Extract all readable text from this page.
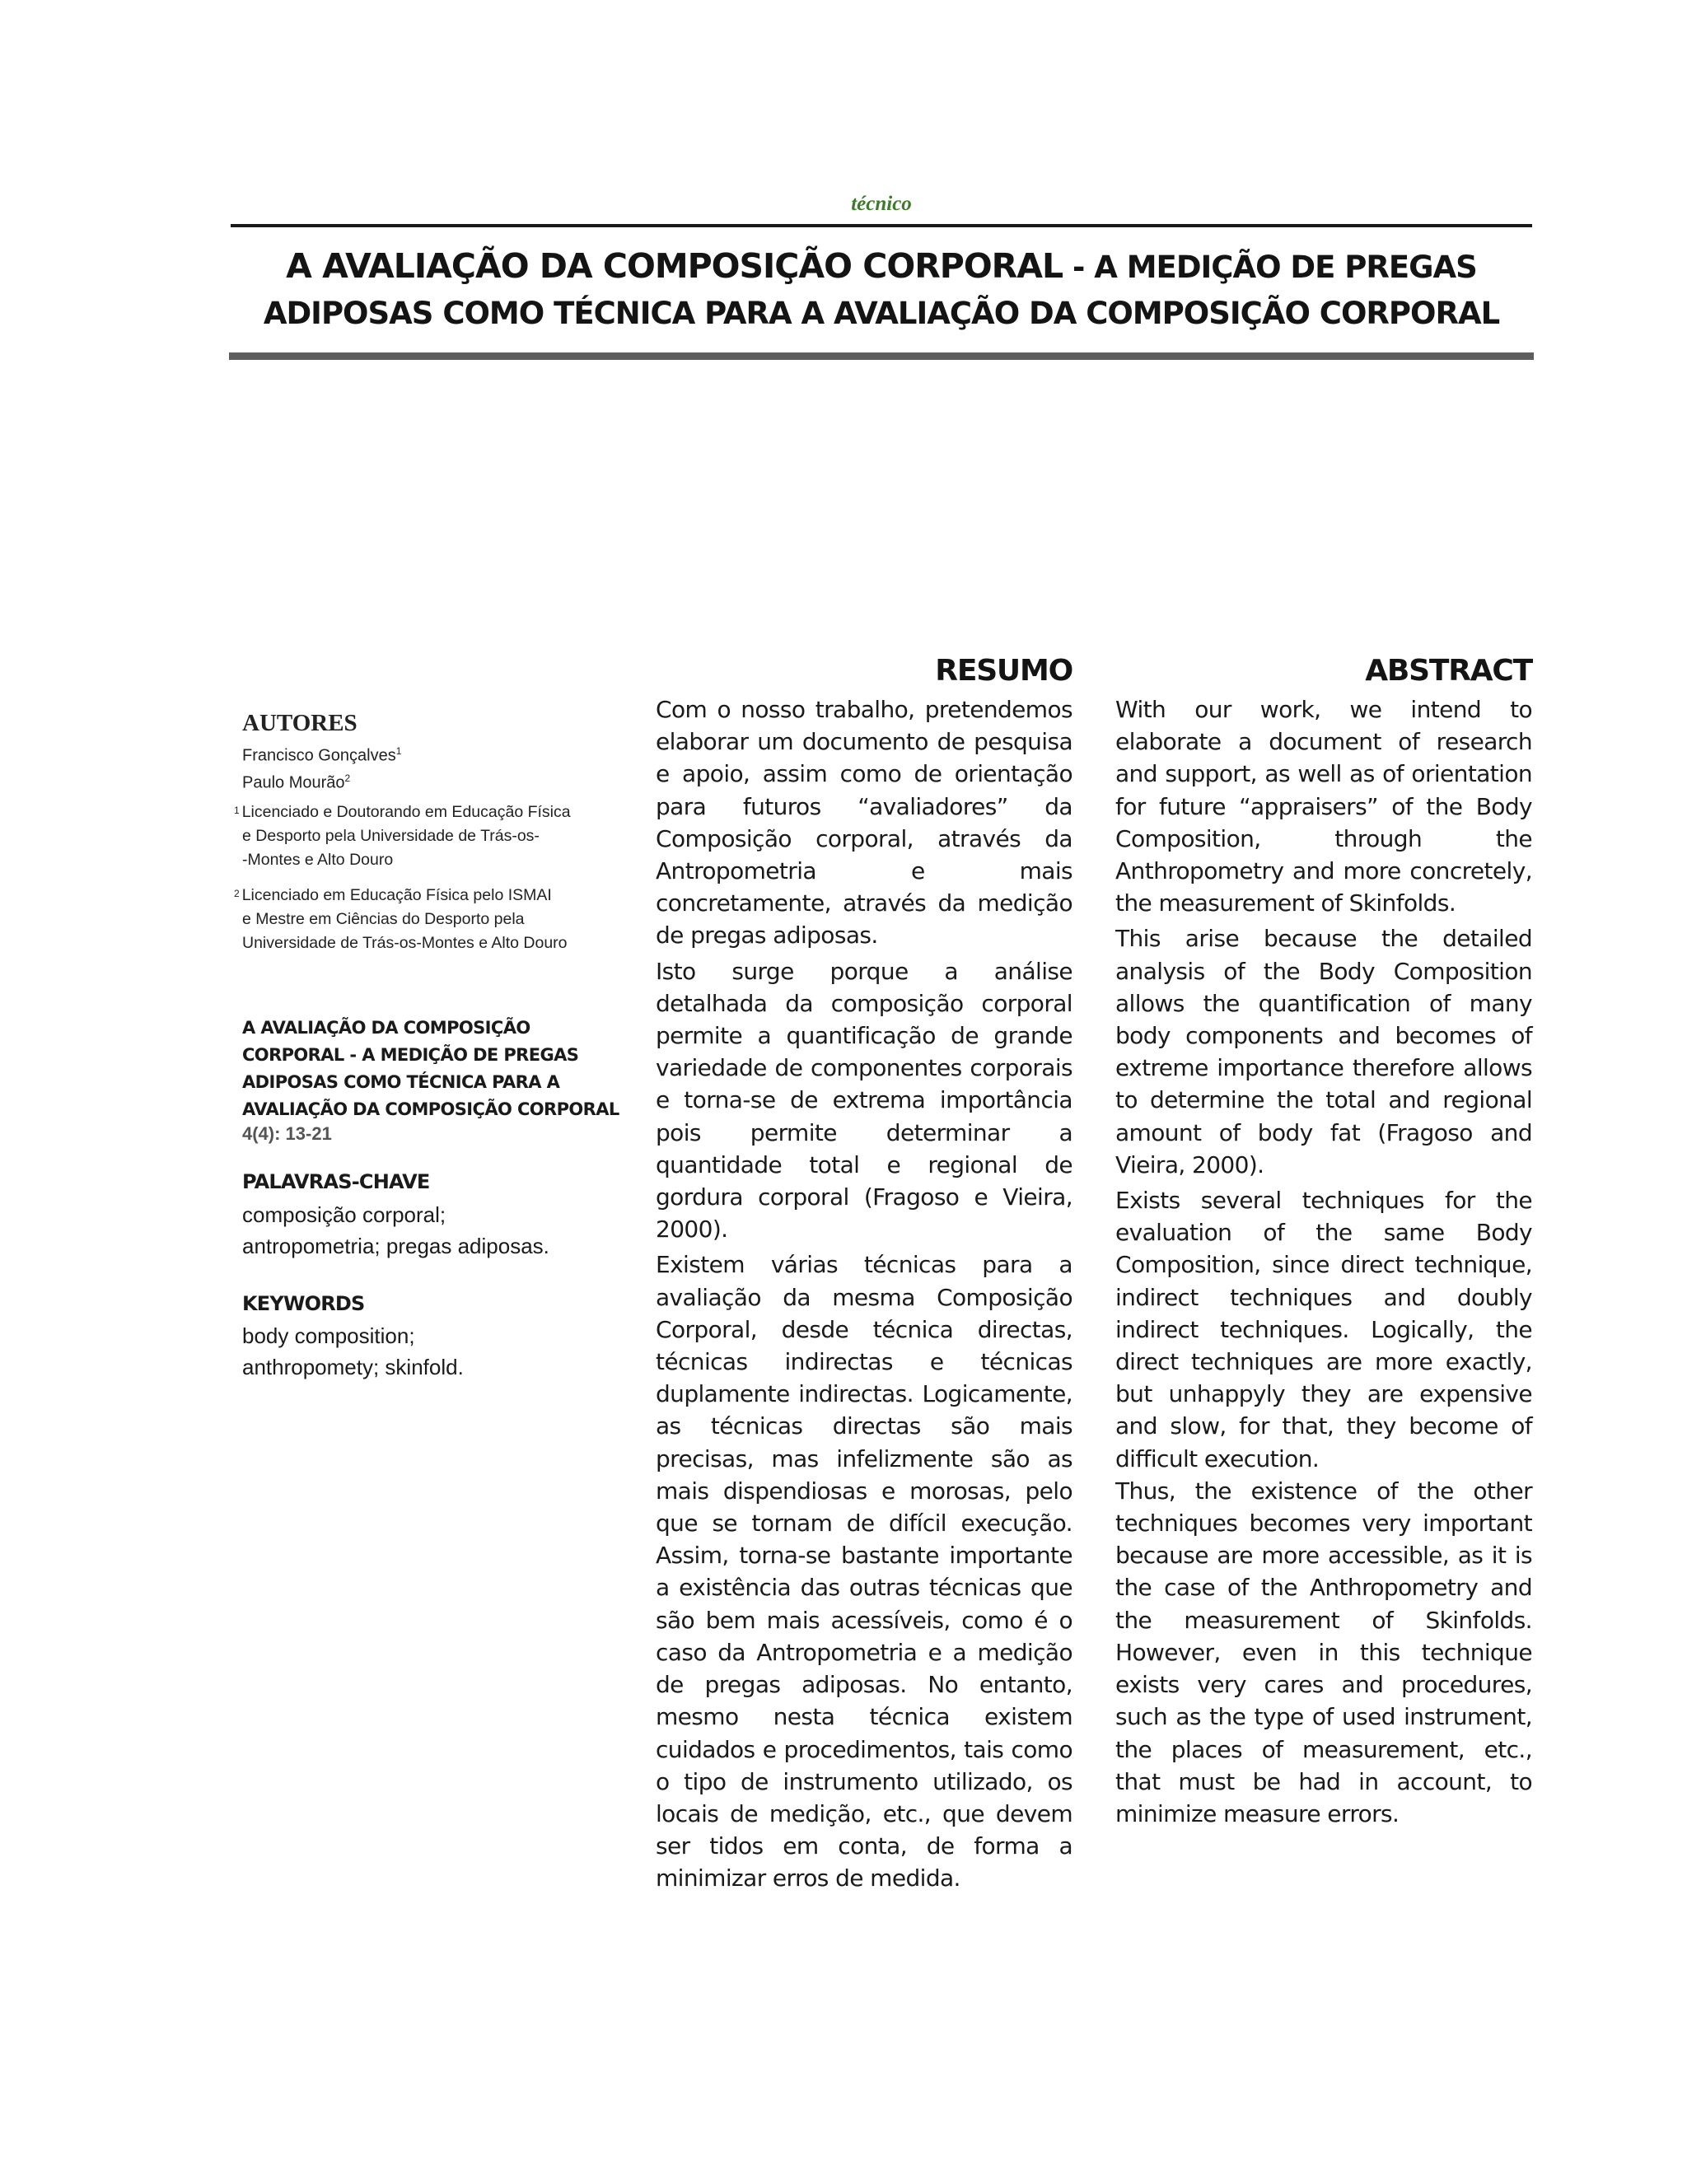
técnico
A AVALIAÇÃO DA COMPOSIÇÃO CORPORAL - A MEDIÇÃO DE PREGAS
ADIPOSAS COMO TÉCNICA PARA A AVALIAÇÃO DA COMPOSIÇÃO CORPORAL
AUTORES
Francisco Gonçalves$^1$
Paulo Mourão$^2$
$^1$ Licenciado e Doutorando em Educação Física
e Desporto pela Universidade de Trás-os-
-Montes e Alto Douro
$^2$ Licenciado em Educação Física pelo ISMAI
e Mestre em Ciências do Desporto pela
Universidade de Trás-os-Montes e Alto Douro
A AVALIAÇÃO DA COMPOSIÇÃO
CORPORAL - A MEDIÇÃO DE PREGAS
ADIPOSAS COMO TÉCNICA PARA A
AVALIAÇÃO DA COMPOSIÇÃO CORPORAL
4(4): 13-21
PALAVRAS-CHAVE
composição corporal;
antropometria; pregas adiposas.
KEYWORDS
body composition;
anthropomety; skinfold.
RESUMO

Com o nosso trabalho, pretendemos elaborar um documento de pesquisa e apoio, assim como de orientação para futuros “avaliadores” da Composição corporal, através da Antropometria e mais concretamente, através da medição de pregas adiposas.

Isto surge porque a análise detalhada da composição corporal permite a quantificação de grande variedade de componentes corporais e torna-se de extrema importância pois permite determinar a quantidade total e regional de gordura corporal (Fragoso e Vieira, 2000).

Existem várias técnicas para a avaliação da mesma Composição Corporal, desde técnica directas, técnicas indirectas e técnicas duplamente indirectas. Logicamente, as técnicas directas são mais precisas, mas infelizmente são as mais dispendiosas e morosas, pelo que se tornam de difícil execução. Assim, torna-se bastante importante a existência das outras técnicas que são bem mais acessíveis, como é o caso da Antropometria e a medição de pregas adiposas. No entanto, mesmo nesta técnica existem cuidados e procedimentos, tais como o tipo de instrumento utilizado, os locais de medição, etc., que devem ser tidos em conta, de forma a minimizar erros de medida.

ABSTRACT

With our work, we intend to elaborate a document of research and support, as well as of orientation for future “appraisers” of the Body Composition, through the Anthropometry and more concretely, the measurement of Skinfolds.

This arise because the detailed analysis of the Body Composition allows the quantification of many body components and becomes of extreme importance therefore allows to determine the total and regional amount of body fat (Fragoso and Vieira, 2000).

Exists several techniques for the evaluation of the same Body Composition, since direct technique, indirect techniques and doubly indirect techniques. Logically, the direct techniques are more exactly, but unhappyly they are expensive and slow, for that, they become of difficult execution.

Thus, the existence of the other techniques becomes very important because are more accessible, as it is the case of the Anthropometry and the measurement of Skinfolds. However, even in this technique exists very cares and procedures, such as the type of used instrument, the places of measurement, etc., that must be had in account, to minimize measure errors.
